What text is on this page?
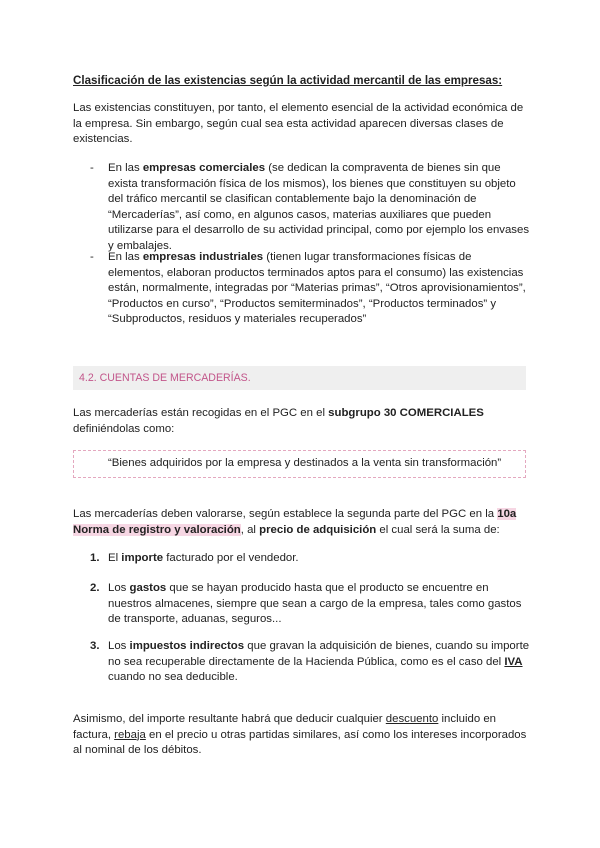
Clasificación de las existencias según la actividad mercantil de las empresas:
Las existencias constituyen, por tanto, el elemento esencial de la actividad económica de la empresa. Sin embargo, según cual sea esta actividad aparecen diversas clases de existencias.
- En las empresas comerciales (se dedican la compraventa de bienes sin que exista transformación física de los mismos), los bienes que constituyen su objeto del tráfico mercantil se clasifican contablemente bajo la denominación de “Mercaderías”, así como, en algunos casos, materias auxiliares que pueden utilizarse para el desarrollo de su actividad principal, como por ejemplo los envases y embalajes.
- En las empresas industriales (tienen lugar transformaciones físicas de elementos, elaboran productos terminados aptos para el consumo) las existencias están, normalmente, integradas por “Materias primas”, “Otros aprovisionamientos”, “Productos en curso”, “Productos semiterminados”, “Productos terminados” y “Subproductos, residuos y materiales recuperados”
4.2. CUENTAS DE MERCADERÍAS.
Las mercaderías están recogidas en el PGC en el subgrupo 30 COMERCIALES definiéndolas como:
“Bienes adquiridos por la empresa y destinados a la venta sin transformación”
Las mercaderías deben valorarse, según establece la segunda parte del PGC en la 10a
Norma de registro y valoración, al precio de adquisición el cual será la suma de:
1. El importe facturado por el vendedor.
2. Los gastos que se hayan producido hasta que el producto se encuentre en nuestros almacenes, siempre que sean a cargo de la empresa, tales como gastos de transporte, aduanas, seguros...
3. Los impuestos indirectos que gravan la adquisición de bienes, cuando su importe no sea recuperable directamente de la Hacienda Pública, como es el caso del IVA cuando no sea deducible.
Asimismo, del importe resultante habrá que deducir cualquier descuento incluido en factura, rebaja en el precio u otras partidas similares, así como los intereses incorporados al nominal de los débitos.
